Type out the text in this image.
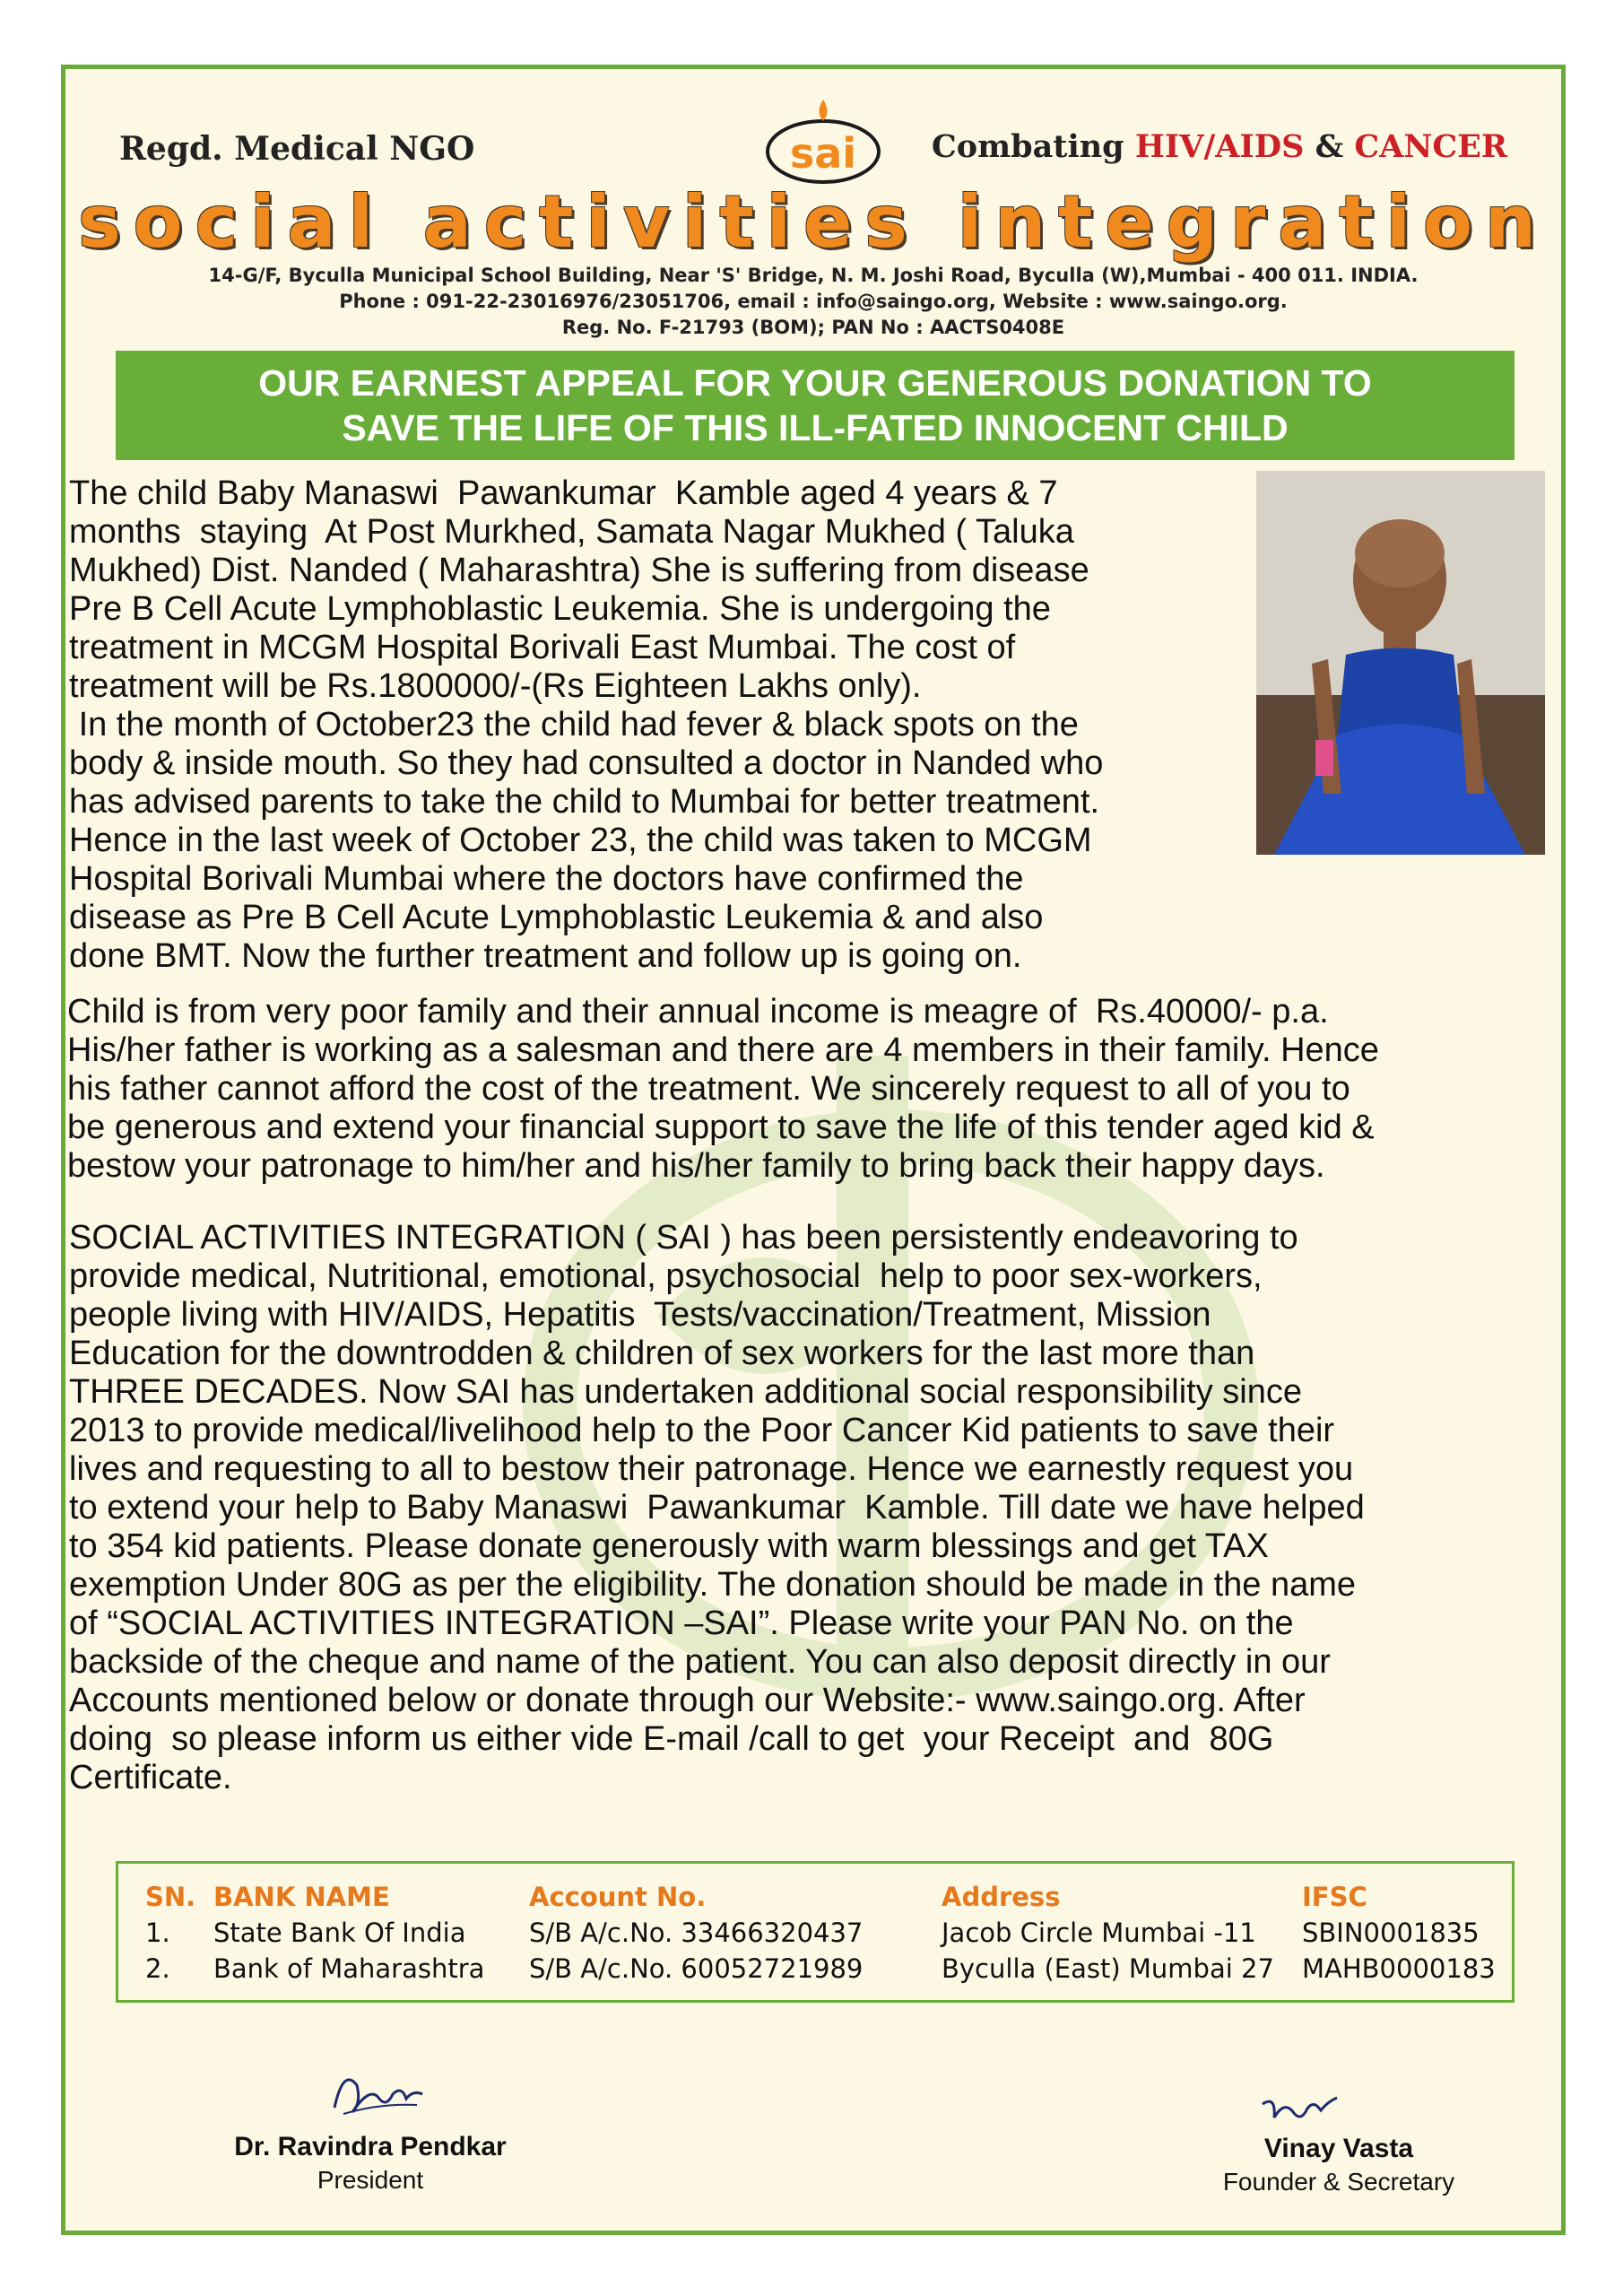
Regd. Medical NGO	sai Combating HIV/AIDS & CANCER
social activities integration
14-G/F, Byculla Municipal School Building, Near 'S' Bridge, N. M. Joshi Road, Byculla (W),Mumbai - 400 011. INDIA.
Phone : 091-22-23016976/23051706, email : info@saingo.org, Website : www.saingo.org.
Reg. No. F-21793 (BOM); PAN No : AACTS0408E
OUR EARNEST APPEAL FOR YOUR GENEROUS DONATION TO
SAVE THE LIFE OF THIS ILL-FATED INNOCENT CHILD
The child Baby Manaswi  Pawankumar  Kamble aged 4 years & 7
months  staying  At Post Murkhed, Samata Nagar Mukhed ( Taluka
Mukhed) Dist. Nanded ( Maharashtra) She is suffering from disease
Pre B Cell Acute Lymphoblastic Leukemia. She is undergoing the
treatment in MCGM Hospital Borivali East Mumbai. The cost of
treatment will be Rs.1800000/-(Rs Eighteen Lakhs only).
In the month of October23 the child had fever & black spots on the
body & inside mouth. So they had consulted a doctor in Nanded who
has advised parents to take the child to Mumbai for better treatment.
Hence in the last week of October 23, the child was taken to MCGM
Hospital Borivali Mumbai where the doctors have confirmed the
disease as Pre B Cell Acute Lymphoblastic Leukemia & and also
done BMT. Now the further treatment and follow up is going on.
Child is from very poor family and their annual income is meagre of  Rs.40000/- p.a.
His/her father is working as a salesman and there are 4 members in their family. Hence
his father cannot afford the cost of the treatment. We sincerely request to all of you to
be generous and extend your financial support to save the life of this tender aged kid &
bestow your patronage to him/her and his/her family to bring back their happy days.
SOCIAL ACTIVITIES INTEGRATION ( SAI ) has been persistently endeavoring to
provide medical, Nutritional, emotional, psychosocial  help to poor sex-workers,
people living with HIV/AIDS, Hepatitis  Tests/vaccination/Treatment, Mission
Education for the downtrodden & children of sex workers for the last more than
THREE DECADES. Now SAI has undertaken additional social responsibility since
2013 to provide medical/livelihood help to the Poor Cancer Kid patients to save their
lives and requesting to all to bestow their patronage. Hence we earnestly request you
to extend your help to Baby Manaswi  Pawankumar  Kamble. Till date we have helped
to 354 kid patients. Please donate generously with warm blessings and get TAX
exemption Under 80G as per the eligibility. The donation should be made in the name
of “SOCIAL ACTIVITIES INTEGRATION –SAI”. Please write your PAN No. on the
backside of the cheque and name of the patient. You can also deposit directly in our
Accounts mentioned below or donate through our Website:- www.saingo.org. After
doing  so please inform us either vide E-mail /call to get  your Receipt  and  80G
Certificate.
SN. BANK NAME	Account No.	Address	IFSC
1. State Bank Of India S/B A/c.No. 33466320437	Jacob Circle Mumbai -11 SBIN0001835
2. Bank of Maharashtra S/B A/c.No. 60052721989	Byculla (East) Mumbai 27 MAHB0000183
Dr. Ravindra Pendkar
President
Vinay Vasta
Founder & Secretary
